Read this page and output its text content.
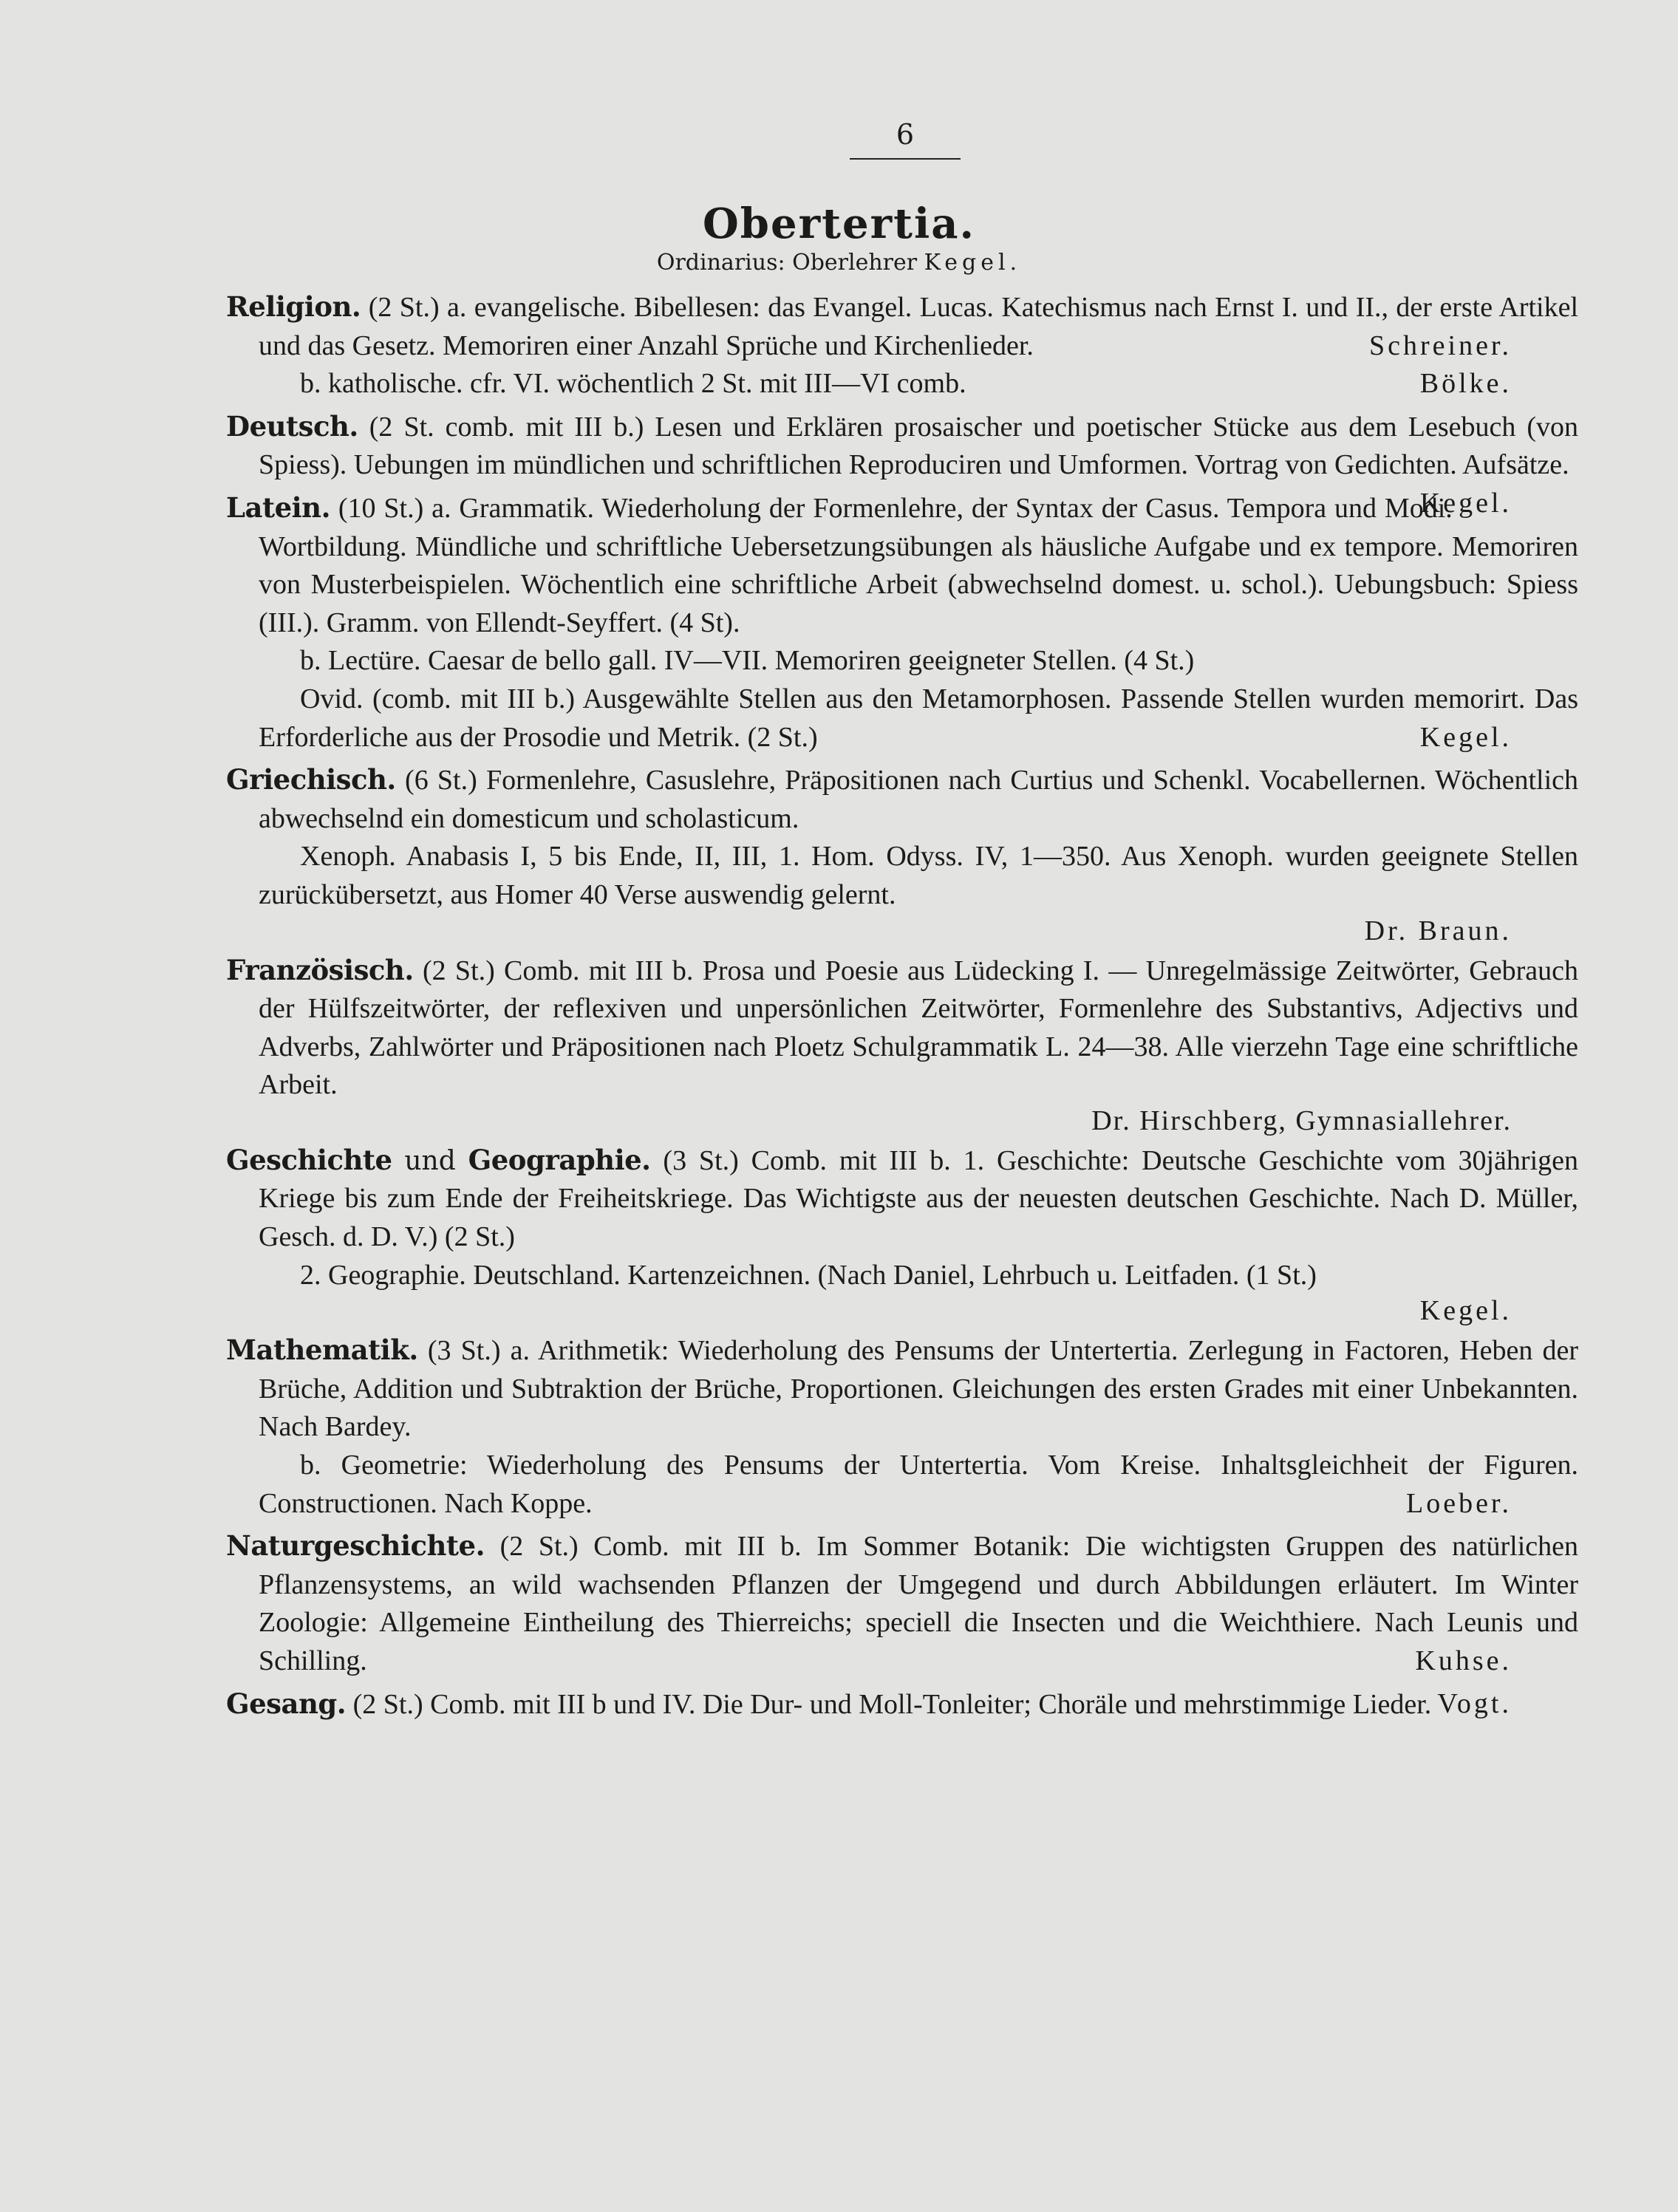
6
Obertertia.
Ordinarius: Oberlehrer Kegel.

Religion. (2 St.) a. evangelische. Bibellesen: das Evangel. Lucas. Katechismus nach Ernst I. und II., der erste Artikel und das Gesetz. Memoriren einer Anzahl Sprüche und Kirchenlieder.	Schreiner.

b. katholische. cfr. VI. wöchentlich 2 St. mit III—VI comb.	Bölke.

Deutsch. (2 St. comb. mit III b.) Lesen und Erklären prosaischer und poetischer Stücke aus dem Lesebuch (von Spiess). Uebungen im mündlichen und schriftlichen Reproduciren und Umformen. Vortrag von Gedichten. Aufsätze.
Kegel.

Latein. (10 St.) a. Grammatik. Wiederholung der Formenlehre, der Syntax der Casus. Tempora und Modi. Wortbildung. Mündliche und schriftliche Uebersetzungsübungen als häusliche Aufgabe und ex tempore. Memoriren von Musterbeispielen. Wöchentlich eine schriftliche Arbeit (abwechselnd domest. u. schol.). Uebungsbuch: Spiess (III.). Gramm. von Ellendt-Seyffert. (4 St).

b. Lectüre. Caesar de bello gall. IV—VII. Memoriren geeigneter Stellen. (4 St.)

Ovid. (comb. mit III b.) Ausgewählte Stellen aus den Metamorphosen. Passende Stellen wurden memorirt. Das Erforderliche aus der Prosodie und Metrik. (2 St.)	Kegel.

Griechisch. (6 St.) Formenlehre, Casuslehre, Präpositionen nach Curtius und Schenkl. Vocabellernen. Wöchentlich abwechselnd ein domesticum und scholasticum.

Xenoph. Anabasis I, 5 bis Ende, II, III, 1. Hom. Odyss. IV, 1—350. Aus Xenoph. wurden geeignete Stellen zurückübersetzt, aus Homer 40 Verse auswendig gelernt.

Dr. Braun.

Französisch. (2 St.) Comb. mit III b. Prosa und Poesie aus Lüdecking I. — Unregelmässige Zeitwörter, Gebrauch der Hülfszeitwörter, der reflexiven und unpersönlichen Zeitwörter, Formenlehre des Substantivs, Adjectivs und Adverbs, Zahlwörter und Präpositionen nach Ploetz Schulgrammatik L. 24—38. Alle vierzehn Tage eine schriftliche Arbeit.

Dr. Hirschberg, Gymnasiallehrer.

Geschichte und Geographie. (3 St.) Comb. mit III b. 1. Geschichte: Deutsche Geschichte vom 30jährigen Kriege bis zum Ende der Freiheitskriege. Das Wichtigste aus der neuesten deutschen Geschichte. Nach D. Müller, Gesch. d. D. V.) (2 St.)

2. Geographie. Deutschland. Kartenzeichnen. (Nach Daniel, Lehrbuch u. Leitfaden. (1 St.)

Kegel.

Mathematik. (3 St.) a. Arithmetik: Wiederholung des Pensums der Untertertia. Zerlegung in Factoren, Heben der Brüche, Addition und Subtraktion der Brüche, Proportionen. Gleichungen des ersten Grades mit einer Unbekannten. Nach Bardey.

b. Geometrie: Wiederholung des Pensums der Untertertia. Vom Kreise. Inhaltsgleichheit der Figuren. Constructionen. Nach Koppe.	Loeber.

Naturgeschichte. (2 St.) Comb. mit III b. Im Sommer Botanik: Die wichtigsten Gruppen des natürlichen Pflanzensystems, an wild wachsenden Pflanzen der Umgegend und durch Abbildungen erläutert. Im Winter Zoologie: Allgemeine Eintheilung des Thierreichs; speciell die Insecten und die Weichthiere. Nach Leunis und Schilling.	Kuhse.

Gesang. (2 St.) Comb. mit III b und IV. Die Dur- und Moll-Tonleiter; Choräle und mehrstimmige Lieder. Vogt.
